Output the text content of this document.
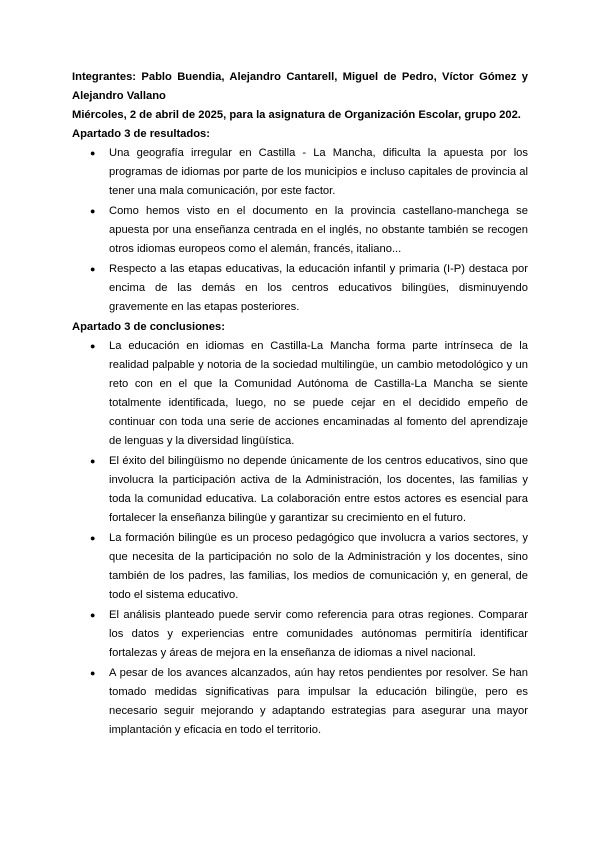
Integrantes: Pablo Buendia, Alejandro Cantarell, Miguel de Pedro, Víctor Gómez y Alejandro Vallano

Miércoles, 2 de abril de 2025, para la asignatura de Organización Escolar, grupo 202.

Apartado 3 de resultados:

● Una geografía irregular en Castilla - La Mancha, dificulta la apuesta por los programas de idiomas por parte de los municipios e incluso capitales de provincia al tener una mala comunicación, por este factor.
● Como hemos visto en el documento en la provincia castellano-manchega se apuesta por una enseñanza centrada en el inglés, no obstante también se recogen otros idiomas europeos como el alemán, francés, italiano...
● Respecto a las etapas educativas, la educación infantil y primaria (I-P) destaca por encima de las demás en los centros educativos bilingües, disminuyendo gravemente en las etapas posteriores.

Apartado 3 de conclusiones:

● La educación en idiomas en Castilla-La Mancha forma parte intrínseca de la realidad palpable y notoria de la sociedad multilingüe, un cambio metodológico y un reto con en el que la Comunidad Autónoma de Castilla-La Mancha se siente totalmente identificada, luego, no se puede cejar en el decidido empeño de continuar con toda una serie de acciones encaminadas al fomento del aprendizaje de lenguas y la diversidad lingüística.
● El éxito del bilingüismo no depende únicamente de los centros educativos, sino que involucra la participación activa de la Administración, los docentes, las familias y toda la comunidad educativa. La colaboración entre estos actores es esencial para fortalecer la enseñanza bilingüe y garantizar su crecimiento en el futuro.
● La formación bilingüe es un proceso pedagógico que involucra a varios sectores, y que necesita de la participación no solo de la Administración y los docentes, sino también de los padres, las familias, los medios de comunicación y, en general, de todo el sistema educativo.
● El análisis planteado puede servir como referencia para otras regiones. Comparar los datos y experiencias entre comunidades autónomas permitiría identificar fortalezas y áreas de mejora en la enseñanza de idiomas a nivel nacional.
● A pesar de los avances alcanzados, aún hay retos pendientes por resolver. Se han tomado medidas significativas para impulsar la educación bilingüe, pero es necesario seguir mejorando y adaptando estrategias para asegurar una mayor implantación y eficacia en todo el territorio.
